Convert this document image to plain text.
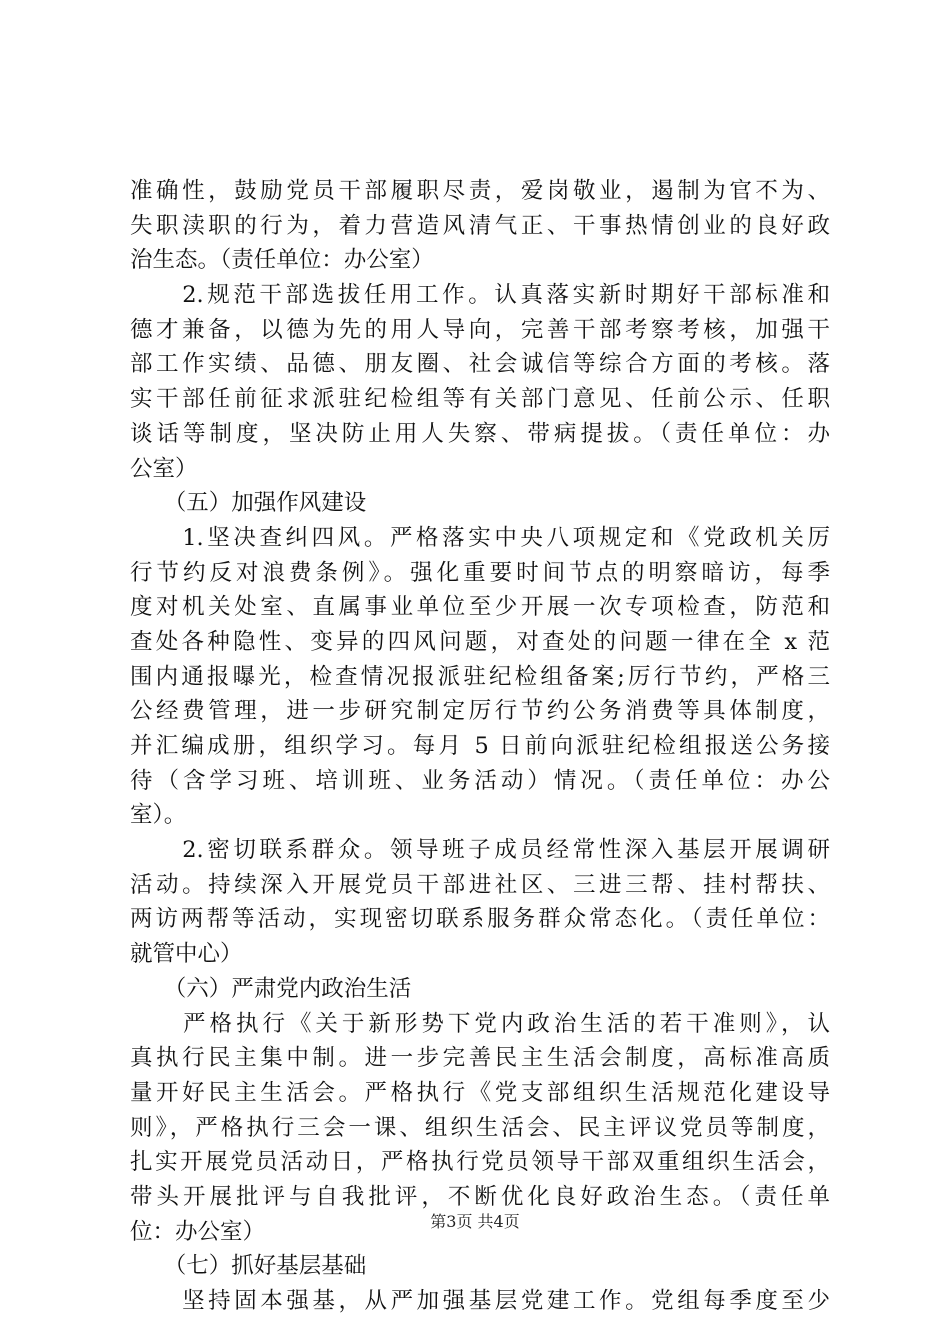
准确性，鼓励党员干部履职尽责，爱岗敬业，遏制为官不为、
失职渎职的行为，着力营造风清气正、干事热情创业的良好政
治生态。（责任单位：办公室）
　　2.规范干部选拔任用工作。认真落实新时期好干部标准和
德才兼备，以德为先的用人导向，完善干部考察考核，加强干
部工作实绩、品德、朋友圈、社会诚信等综合方面的考核。落
实干部任前征求派驻纪检组等有关部门意见、任前公示、任职
谈话等制度，坚决防止用人失察、带病提拔。（责任单位：办
公室）
　　（五）加强作风建设
　　1.坚决查纠四风。严格落实中央八项规定和《党政机关厉
行节约反对浪费条例》。强化重要时间节点的明察暗访，每季
度对机关处室、直属事业单位至少开展一次专项检查，防范和
查处各种隐性、变异的四风问题，对查处的问题一律在全 x 范
围内通报曝光，检查情况报派驻纪检组备案;厉行节约，严格三
公经费管理，进一步研究制定厉行节约公务消费等具体制度，
并汇编成册，组织学习。每月 5 日前向派驻纪检组报送公务接
待（含学习班、培训班、业务活动）情况。（责任单位：办公
室）。
　　2.密切联系群众。领导班子成员经常性深入基层开展调研
活动。持续深入开展党员干部进社区、三进三帮、挂村帮扶、
两访两帮等活动，实现密切联系服务群众常态化。（责任单位：
就管中心）
　　（六）严肃党内政治生活
　　严格执行《关于新形势下党内政治生活的若干准则》，认
真执行民主集中制。进一步完善民主生活会制度，高标准高质
量开好民主生活会。严格执行《党支部组织生活规范化建设导
则》，严格执行三会一课、组织生活会、民主评议党员等制度，
扎实开展党员活动日，严格执行党员领导干部双重组织生活会，
带头开展批评与自我批评，不断优化良好政治生态。（责任单
位：办公室）
　　（七）抓好基层基础
　　坚持固本强基，从严加强基层党建工作。党组每季度至少
第3页 共4页
